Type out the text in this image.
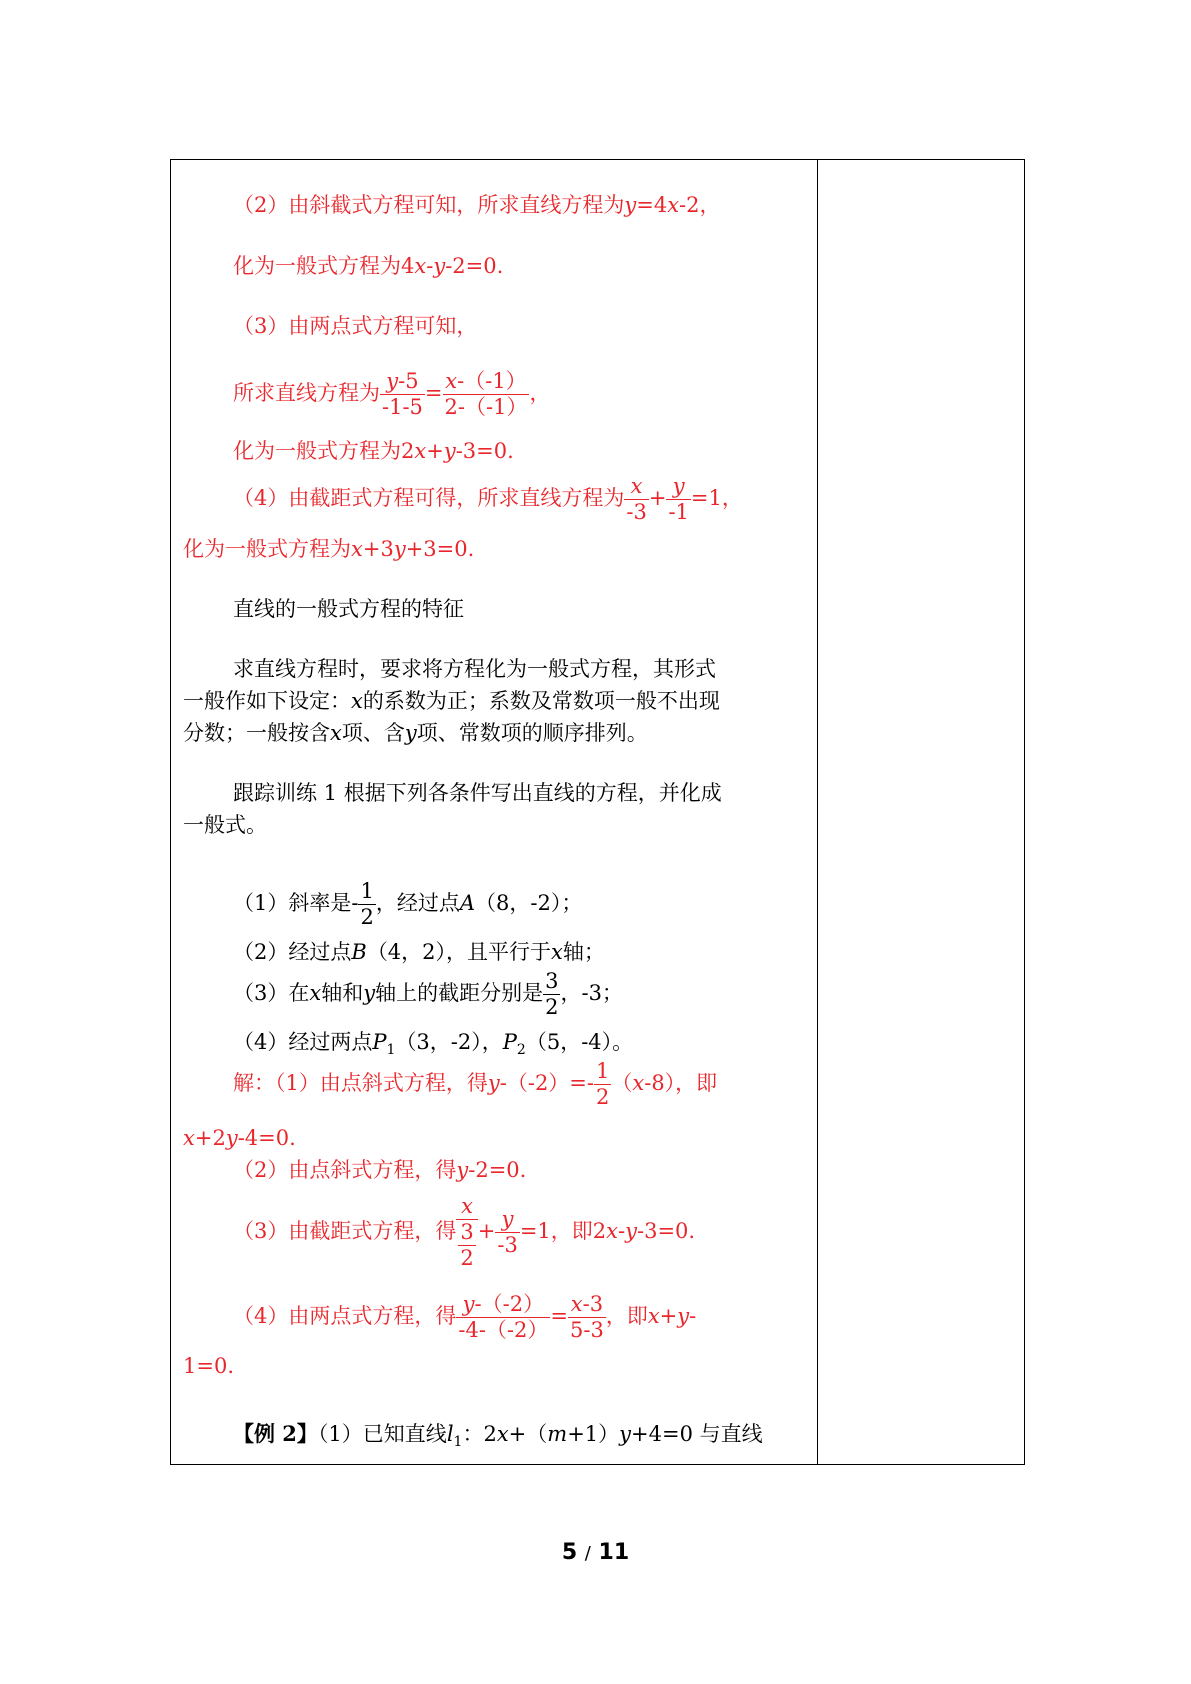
（2）由斜截式方程可知，所求直线方程为y=4x-2，
化为一般式方程为4x-y-2=0.
（3）由两点式方程可知，
所求直线方程为 $\frac{y-5}{-1-5} = \frac{x-(-1)}{2-(-1)}$ ，
化为一般式方程为2x+y-3=0.
（4）由截距式方程可得，所求直线方程为 $\frac{x}{-3} + \frac{y}{-1} =1$，
化为一般式方程为x+3y+3=0.
直线的一般式方程的特征
求直线方程时，要求将方程化为一般式方程，其形式
一般作如下设定：x的系数为正；系数及常数项一般不出现
分数；一般按含x项、含y项、常数项的顺序排列。
跟踪训练 1 根据下列各条件写出直线的方程，并化成
一般式。
（1）斜率是- $\frac{1}{2}$ ，经过点A（8，-2）；
（2）经过点B（4，2），且平行于x轴；
（3）在x轴和y轴上的截距分别是 $\frac{3}{2}$ ，-3；
（4）经过两点$P_1(3$，-2），$P_2(5$，-4）。
解：（1）由点斜式方程，得$y-(-2)=- \frac{1}{2} (x-8)$，即
x+2y-4=0.
（2）由点斜式方程，得y-2=0.
（3）由截距式方程，得 $\frac{x}{\frac{3}{2}} + \frac{y}{-3} =1$，即2x-y-3=0.
（4）由两点式方程，得 $\frac{y-(-2)}{-4-(-2)} = \frac{x-3}{5-3}$ ，即x+y-
1=0.
【例 2】（1）已知直线$l_1$：2x+（m+1）y+4=0 与直线
5 / 11
